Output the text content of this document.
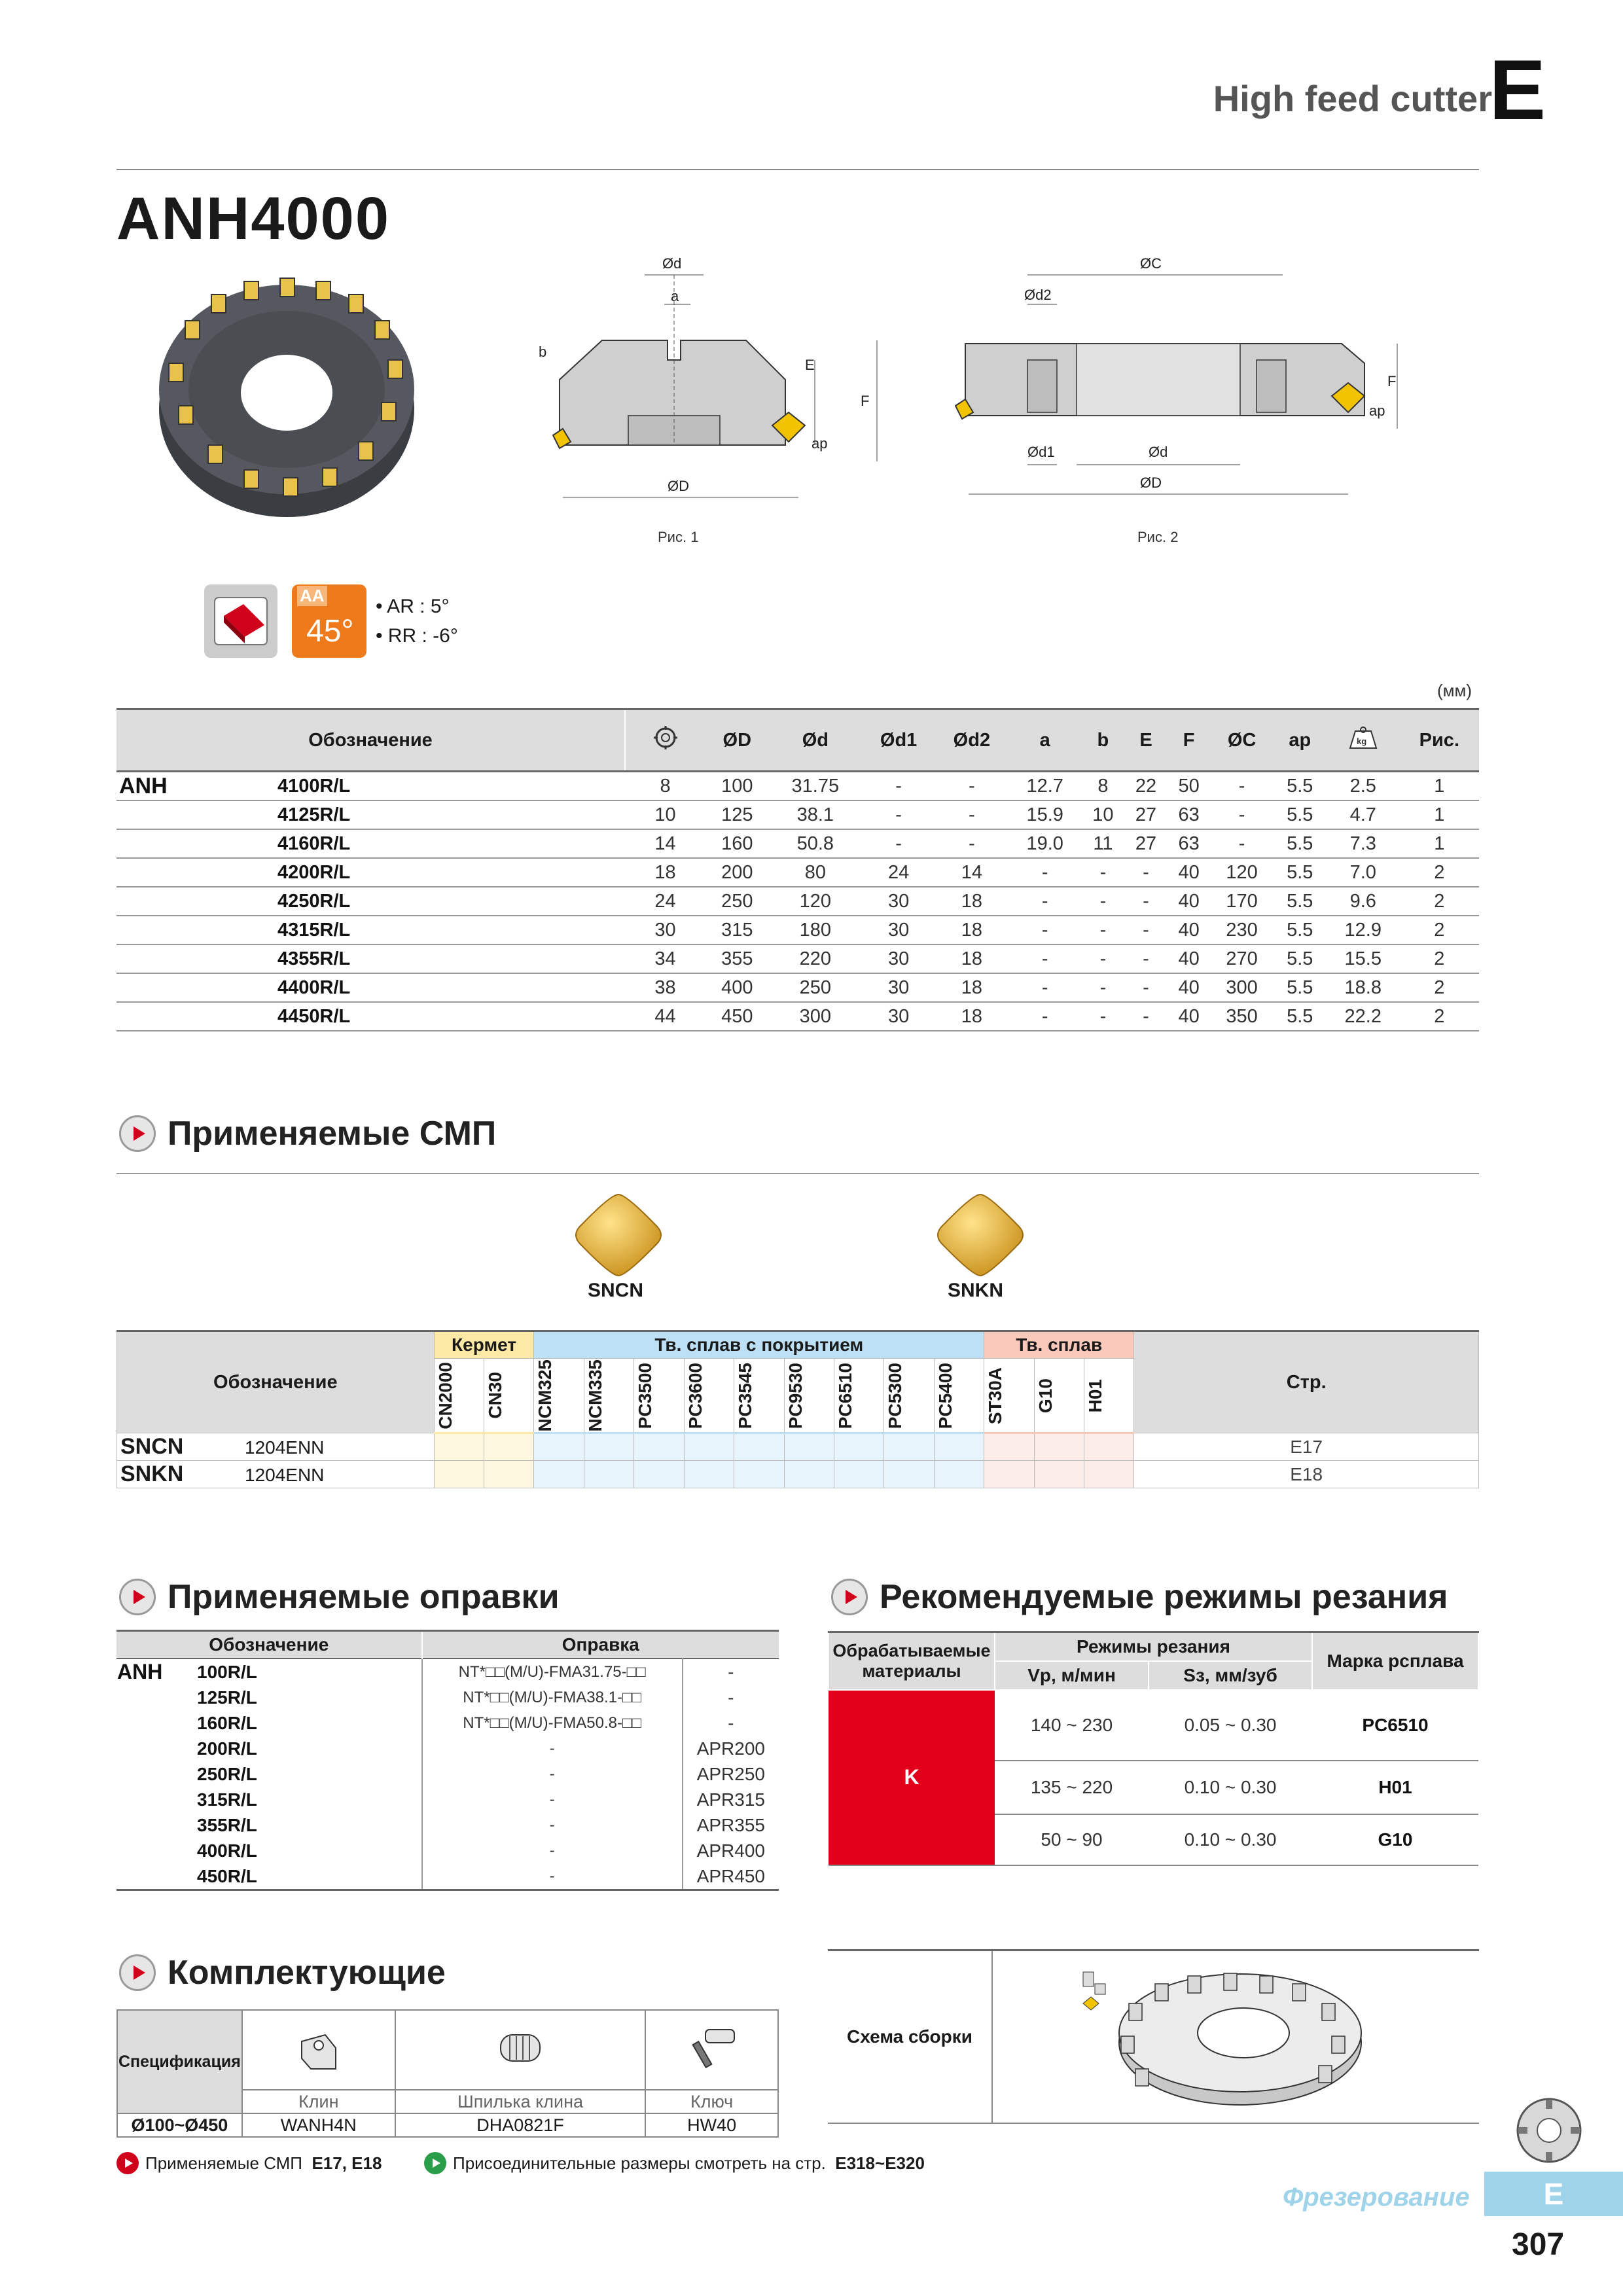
High feed cutter
E
ANH4000
Ød
a
b
E
F
ap
ØD
Рис. 1
ØC
Ød2
F
ap
Ød1	Ød
ØD
Рис. 2
AA
45°
• AR : 5°
• RR : -6°
(мм)
Обозначение			ØD	Ød	Ød1	Ød2	a	b	E	F	ØC	ap	kg	Рис.
ANH	4100R/L	8	100	31.75	-	-	12.7	8	22	50	-	5.5	2.5	1
	4125R/L	10	125	38.1	-	-	15.9	10	27	63	-	5.5	4.7	1
	4160R/L	14	160	50.8	-	-	19.0	11	27	63	-	5.5	7.3	1
	4200R/L	18	200	80	24	14	-	-	-	40	120	5.5	7.0	2
	4250R/L	24	250	120	30	18	-	-	-	40	170	5.5	9.6	2
	4315R/L	30	315	180	30	18	-	-	-	40	230	5.5	12.9	2
	4355R/L	34	355	220	30	18	-	-	-	40	270	5.5	15.5	2
	4400R/L	38	400	250	30	18	-	-	-	40	300	5.5	18.8	2
	4450R/L	44	450	300	30	18	-	-	-	40	350	5.5	22.2	2
Применяемые СМП
SNCN	SNKN
Обозначение	Кермет		Тв. сплав с покрытием									Тв. сплав			Стр.

	CN2000	CN30	NCM325	NCM335	PC3500	PC3600	PC3545	PC9530	PC6510	PC5300	PC5400	ST30A	G10	H01	

SNCN 1204ENN															E17
SNKN 1204ENN															E18
Применяемые оправки
Обозначение		Оправка	
ANH	100R/L	NT*□□(M/U)-FMA31.75-□□	-
	125R/L	NT*□□(M/U)-FMA38.1-□□	-
	160R/L	NT*□□(M/U)-FMA50.8-□□	-
	200R/L	-	APR200
	250R/L	-	APR250
	315R/L	-	APR315
	355R/L	-	APR355
	400R/L	-	APR400
	450R/L	-	APR450
Рекомендуемые режимы резания
Обрабатываемые материалы	Режимы резания		Марка рсплава
	Vp, м/мин	Sз, мм/зуб	
K	140 ~ 230	0.05 ~ 0.30	PC6510
	135 ~ 220	0.10 ~ 0.30	H01
	50 ~ 90	0.10 ~ 0.30	G10
Комплектующие
Спецификация			
	Клин	Шпилька клина	Ключ
Ø100~Ø450	WANH4N	DHA0821F	HW40
Схема сборки
Применяемые СМП
E17, E18	Присоединительные размеры смотреть на стр.
E318~E320
Фрезерование	E
307
